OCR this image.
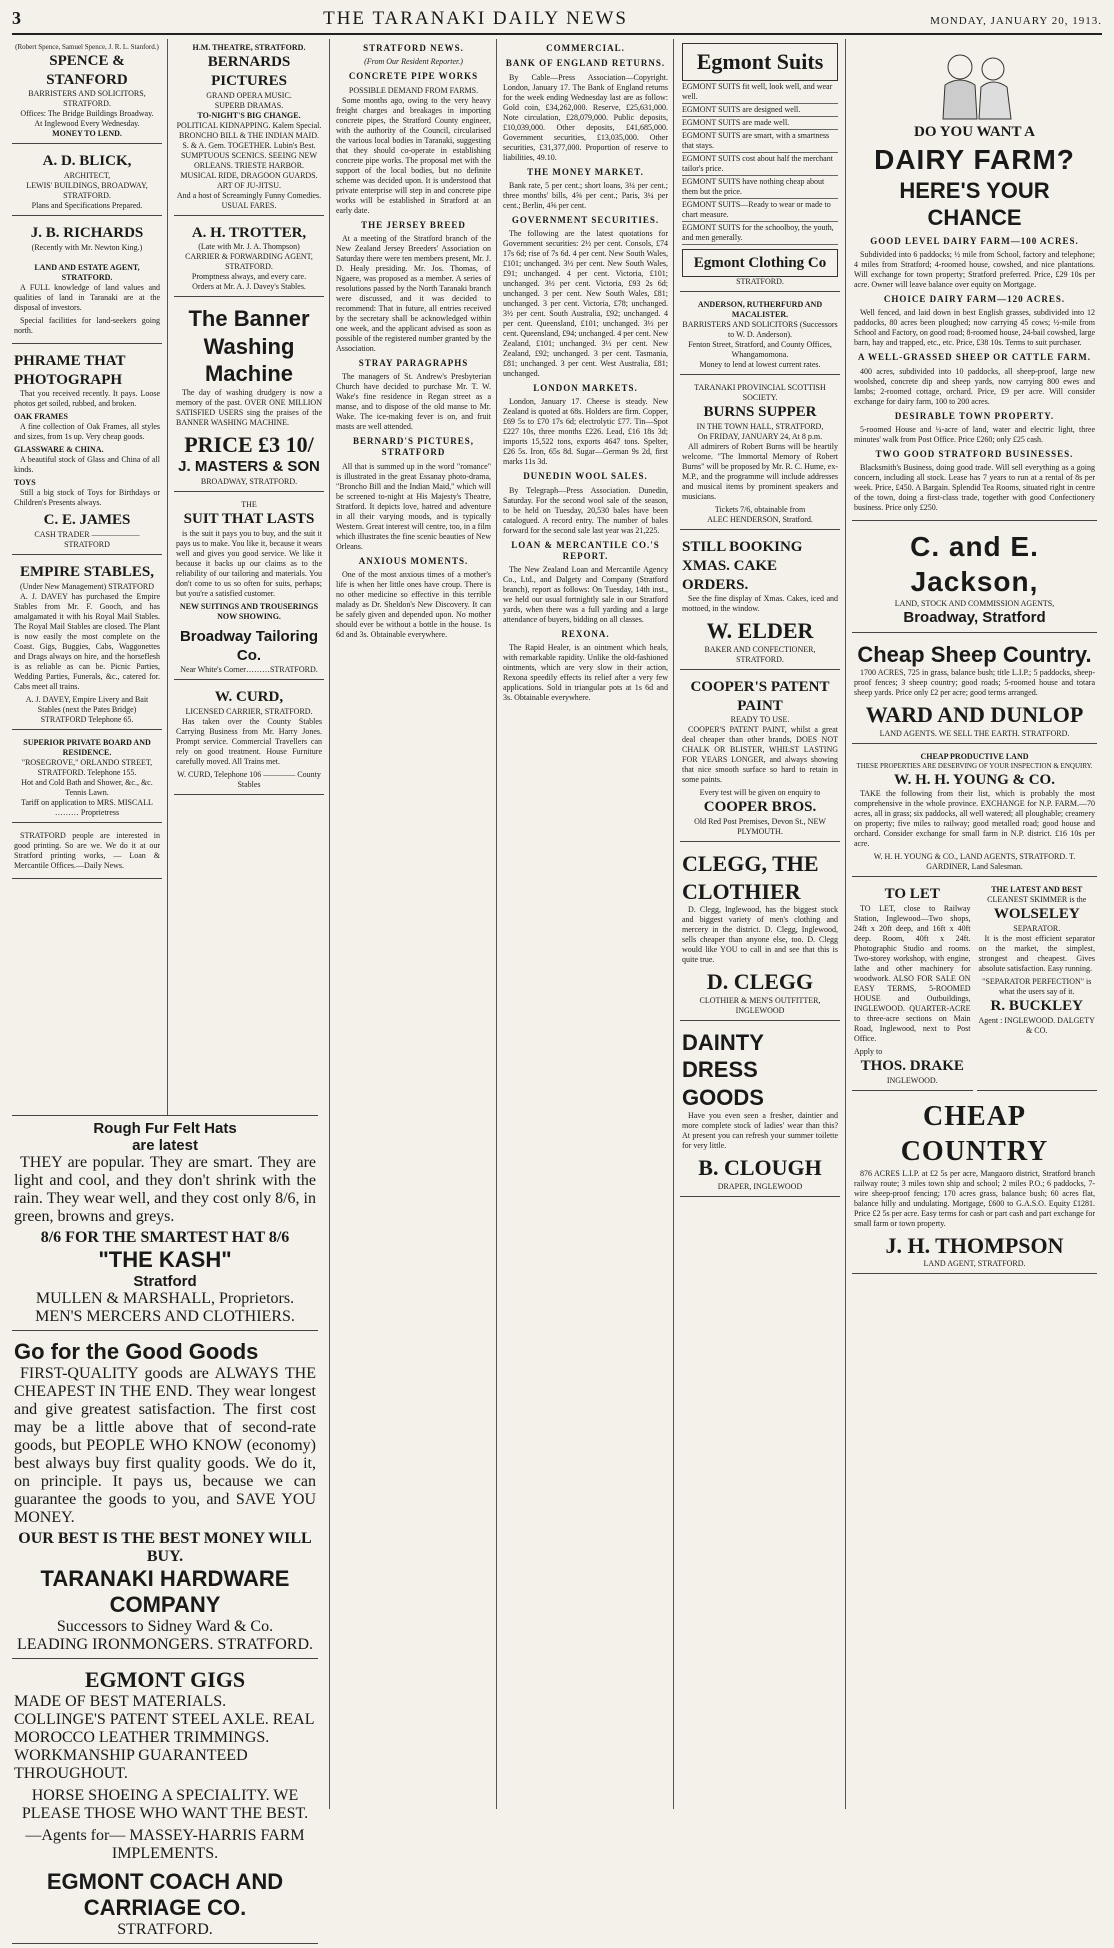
3	THE TARANAKI DAILY NEWS	MONDAY, JANUARY 20, 1913.
(Robert Spence, Samuel Spence, J. R. L. Stanford.)
SPENCE & STANFORD
BARRISTERS AND SOLICITORS, STRATFORD.
Offices: The Bridge Buildings Broadway.
At Inglewood Every Wednesday.
MONEY TO LEND.
A. D. BLICK,
ARCHITECT,
LEWIS' BUILDINGS, BROADWAY, STRATFORD.
Plans and Specifications Prepared.
J. B. RICHARDS
(Recently with Mr. Newton King.)
LAND AND ESTATE AGENT, STRATFORD.

A FULL knowledge of land values and qualities of land in Taranaki are at the disposal of investors.

Special facilities for land-seekers going north.

PHRAME THAT PHOTOGRAPH

That you received recently. It pays. Loose photos get soiled, rubbed, and broken.

OAK FRAMES

A fine collection of Oak Frames, all styles and sizes, from 1s up. Very cheap goods.

GLASSWARE & CHINA.

A beautiful stock of Glass and China of all kinds.

TOYS

Still a big stock of Toys for Birthdays or Children's Presents always.

C. E. JAMES
CASH TRADER —————— STRATFORD
EMPIRE STABLES,
(Under New Management) STRATFORD

A. J. DAVEY has purchased the Empire Stables from Mr. F. Gooch, and has amalgamated it with his Royal Mail Stables. The Royal Mail Stables are closed. The Plant is now easily the most complete on the Coast. Gigs, Buggies, Cabs, Waggonettes and Drags always on hire, and the horseflesh is as reliable as can be. Picnic Parties, Wedding Parties, Funerals, &c., catered for. Cabs meet all trains.

A. J. DAVEY, Empire Livery and Bait Stables (next the Pates Bridge) STRATFORD Telephone 65.
SUPERIOR PRIVATE BOARD AND RESIDENCE.
"ROSEGROVE," ORLANDO STREET, STRATFORD. Telephone 155.
Hot and Cold Bath and Shower, &c., &c. Tennis Lawn.
Tariff on application to MRS. MISCALL ……… Proprietress

STRATFORD people are interested in good printing. So are we. We do it at our Stratford printing works, — Loan & Mercantile Offices.—Daily News.

H.M. THEATRE, STRATFORD.
BERNARDS PICTURES
GRAND OPERA MUSIC.
SUPERB DRAMAS.
TO-NIGHT'S BIG CHANGE.
POLITICAL KIDNAPPING. Kalem Special. BRONCHO BILL & THE INDIAN MAID. S. & A. Gem. TOGETHER. Lubin's Best. SUMPTUOUS SCENICS. SEEING NEW ORLEANS. TRIESTE HARBOR. MUSICAL RIDE, DRAGOON GUARDS. ART OF JU-JITSU.
And a host of Screamingly Funny Comedies.
USUAL FARES.
A. H. TROTTER,
(Late with Mr. J. A. Thompson)
CARRIER & FORWARDING AGENT, STRATFORD.
Promptness always, and every care.
Orders at Mr. A. J. Davey's Stables.
The Banner Washing Machine

The day of washing drudgery is now a memory of the past. OVER ONE MILLION SATISFIED USERS sing the praises of the BANNER WASHING MACHINE.

PRICE £3 10/
J. MASTERS & SON
BROADWAY, STRATFORD.
THE
SUIT THAT LASTS

is the suit it pays you to buy, and the suit it pays us to make. You like it, because it wears well and gives you good service. We like it because it backs up our claims as to the reliability of our tailoring and materials. You don't come to us so often for suits, perhaps; but you're a satisfied customer.

NEW SUITINGS AND TROUSERINGS NOW SHOWING.
Broadway Tailoring Co.
Near White's Corner………STRATFORD.
W. CURD,
LICENSED CARRIER, STRATFORD.

Has taken over the County Stables Carrying Business from Mr. Harry Jones. Prompt service. Commercial Travellers can rely on good treatment. House Furniture carefully moved. All Trains met.

W. CURD, Telephone 106 ———— County Stables
STRATFORD NEWS.
(From Our Resident Reporter.)
CONCRETE PIPE WORKS
POSSIBLE DEMAND FROM FARMS.

Some months ago, owing to the very heavy freight charges and breakages in importing concrete pipes, the Stratford County engineer, with the authority of the Council, circularised the various local bodies in Taranaki, suggesting that they should co-operate in establishing concrete pipe works. The proposal met with the support of the local bodies, but no definite scheme was decided upon. It is understood that private enterprise will step in and concrete pipe works will be established in Stratford at an early date.

THE JERSEY BREED

At a meeting of the Stratford branch of the New Zealand Jersey Breeders' Association on Saturday there were ten members present, Mr. J. D. Healy presiding. Mr. Jos. Thomas, of Ngaere, was proposed as a member. A series of resolutions passed by the North Taranaki branch were discussed, and it was decided to recommend: That in future, all entries received by the secretary shall be acknowledged within one week, and the applicant advised as soon as possible of the registered number granted by the Association.

STRAY PARAGRAPHS

The managers of St. Andrew's Presbyterian Church have decided to purchase Mr. T. W. Wake's fine residence in Regan street as a manse, and to dispose of the old manse to Mr. Wake. The ice-making fever is on, and fruit masts are well attended.

BERNARD'S PICTURES, STRATFORD

All that is summed up in the word "romance" is illustrated in the great Essanay photo-drama, "Broncho Bill and the Indian Maid," which will be screened to-night at His Majesty's Theatre, Stratford. It depicts love, hatred and adventure in all their varying moods, and is typically Western. Great interest will centre, too, in a film which illustrates the fine scenic beauties of New Orleans.

ANXIOUS MOMENTS.

One of the most anxious times of a mother's life is when her little ones have croup. There is no other medicine so effective in this terrible malady as Dr. Sheldon's New Discovery. It can be safely given and depended upon. No mother should ever be without a bottle in the house. 1s 6d and 3s. Obtainable everywhere.

COMMERCIAL.
BANK OF ENGLAND RETURNS.

By Cable—Press Association—Copyright. London, January 17. The Bank of England returns for the week ending Wednesday last are as follow: Gold coin, £34,262,000. Reserve, £25,631,000. Note circulation, £28,079,000. Public deposits, £10,039,000. Other deposits, £41,685,000. Government securities, £13,035,000. Other securities, £31,377,000. Proportion of reserve to liabilities, 49.10.

THE MONEY MARKET.

Bank rate, 5 per cent.; short loans, 3¼ per cent.; three months' bills, 4⅝ per cent.; Paris, 3¼ per cent.; Berlin, 4⅝ per cent.

GOVERNMENT SECURITIES.

The following are the latest quotations for Government securities: 2½ per cent. Consols, £74 17s 6d; rise of 7s 6d. 4 per cent. New South Wales, £101; unchanged. 3½ per cent. New South Wales, £91; unchanged. 4 per cent. Victoria, £101; unchanged. 3½ per cent. Victoria, £93 2s 6d; unchanged. 3 per cent. New South Wales, £81; unchanged. 3 per cent. Victoria, £78; unchanged. 3½ per cent. South Australia, £92; unchanged. 4 per cent. Queensland, £101; unchanged. 3½ per cent. Queensland, £94; unchanged. 4 per cent. New Zealand, £101; unchanged. 3½ per cent. New Zealand, £92; unchanged. 3 per cent. Tasmania, £81; unchanged. 3 per cent. West Australia, £81; unchanged.

LONDON MARKETS.

London, January 17. Cheese is steady. New Zealand is quoted at 68s. Holders are firm. Copper, £69 5s to £70 17s 6d; electrolytic £77. Tin—Spot £227 10s, three months £226. Lead, £16 18s 3d; imports 15,522 tons, exports 4647 tons. Spelter, £26 5s. Iron, 65s 8d. Sugar—German 9s 2d, first marks 11s 3d.

DUNEDIN WOOL SALES.

By Telegraph—Press Association. Dunedin, Saturday. For the second wool sale of the season, to be held on Tuesday, 20,530 bales have been catalogued. A record entry. The number of bales forward for the second sale last year was 21,225.

LOAN & MERCANTILE CO.'S REPORT.

The New Zealand Loan and Mercantile Agency Co., Ltd., and Dalgety and Company (Stratford branch), report as follows: On Tuesday, 14th inst., we held our usual fortnightly sale in our Stratford yards, when there was a full yarding and a large attendance of buyers, bidding on all classes.

REXONA.

The Rapid Healer, is an ointment which heals, with remarkable rapidity. Unlike the old-fashioned ointments, which are very slow in their action, Rexona speedily effects its relief after a very few applications. Sold in triangular pots at 1s 6d and 3s. Obtainable everywhere.

Egmont Suits
EGMONT SUITS fit well, look well, and wear well.
EGMONT SUITS are designed well.
EGMONT SUITS are made well.
EGMONT SUITS are smart, with a smartness that stays.
EGMONT SUITS cost about half the merchant tailor's price.
EGMONT SUITS have nothing cheap about them but the price.
EGMONT SUITS—Ready to wear or made to chart measure.
EGMONT SUITS for the schoolboy, the youth, and men generally.
Egmont Clothing Co
STRATFORD.
ANDERSON, RUTHERFURD AND MACALISTER.
BARRISTERS AND SOLICITORS (Successors to W. D. Anderson).
Fenton Street, Stratford, and County Offices, Whangamomona.
Money to lend at lowest current rates.
TARANAKI PROVINCIAL SCOTTISH SOCIETY.
BURNS SUPPER
IN THE TOWN HALL, STRATFORD,
On FRIDAY, JANUARY 24, At 8 p.m.

All admirers of Robert Burns will be heartily welcome. "The Immortal Memory of Robert Burns" will be proposed by Mr. R. C. Hume, ex-M.P., and the programme will include addresses and musical items by prominent speakers and musicians.

Tickets 7/6, obtainable from
ALEC HENDERSON, Stratford.
STILL BOOKING XMAS. CAKE ORDERS.

See the fine display of Xmas. Cakes, iced and mottoed, in the window.

W. ELDER
BAKER AND CONFECTIONER, STRATFORD.
COOPER'S PATENT PAINT
READY TO USE.

COOPER'S PATENT PAINT, whilst a great deal cheaper than other brands, DOES NOT CHALK OR BLISTER, WHILST LASTING FOR YEARS LONGER, and always showing that nice smooth surface so hard to retain in some paints.

Every test will be given on enquiry to
COOPER BROS.
Old Red Post Premises, Devon St., NEW PLYMOUTH.
CLEGG, THE CLOTHIER

D. Clegg, Inglewood, has the biggest stock and biggest variety of men's clothing and mercery in the district. D. Clegg, Inglewood, sells cheaper than anyone else, too. D. Clegg would like YOU to call in and see that this is quite true.

D. CLEGG
CLOTHIER & MEN'S OUTFITTER, INGLEWOOD
DAINTY DRESS GOODS

Have you even seen a fresher, daintier and more complete stock of ladies' wear than this? At present you can refresh your summer toilette for very little.

B. CLOUGH
DRAPER, INGLEWOOD
DO YOU WANT A
DAIRY FARM?
HERE'S YOUR CHANCE
GOOD LEVEL DAIRY FARM—100 ACRES.

Subdivided into 6 paddocks; ½ mile from School, factory and telephone; 4 miles from Stratford; 4-roomed house, cowshed, and nice plantations. Will exchange for town property; Stratford preferred. Price, £29 10s per acre. Owner will leave balance over equity on Mortgage.

CHOICE DAIRY FARM—120 ACRES.

Well fenced, and laid down in best English grasses, subdivided into 12 paddocks, 80 acres been ploughed; now carrying 45 cows; ½-mile from School and Factory, on good road; 8-roomed house, 24-bail cowshed, large barn, hay and trapped, etc., etc. Price, £38 10s. Terms to suit purchaser.

A WELL-GRASSED SHEEP OR CATTLE FARM.

400 acres, subdivided into 10 paddocks, all sheep-proof, large new woolshed, concrete dip and sheep yards, now carrying 800 ewes and lambs; 2-roomed cottage, orchard. Price, £9 per acre. Will consider exchange for dairy farm, 100 to 200 acres.

DESIRABLE TOWN PROPERTY.

5-roomed House and ¼-acre of land, water and electric light, three minutes' walk from Post Office. Price £260; only £25 cash.

TWO GOOD STRATFORD BUSINESSES.

Blacksmith's Business, doing good trade. Will sell everything as a going concern, including all stock. Lease has 7 years to run at a rental of 8s per week. Price, £450. A Bargain. Splendid Tea Rooms, situated right in centre of the town, doing a first-class trade, together with good Confectionery business. Price only £250.

C. and E. Jackson,
LAND, STOCK AND COMMISSION AGENTS,
Broadway, Stratford
Cheap Sheep Country.

1700 ACRES, 725 in grass, balance bush; title L.I.P.; 5 paddocks, sheep-proof fences; 3 sheep country; good roads; 5-roomed house and totara sheep yards. Price only £2 per acre; good terms arranged.

WARD AND DUNLOP
LAND AGENTS. WE SELL THE EARTH. STRATFORD.
CHEAP PRODUCTIVE LAND
THESE PROPERTIES ARE DESERVING OF YOUR INSPECTION & ENQUIRY.
W. H. H. YOUNG & CO.

TAKE the following from their list, which is probably the most comprehensive in the whole province. EXCHANGE for N.P. FARM.—70 acres, all in grass; six paddocks, all well watered; all ploughable; creamery on property; five miles to railway; good metalled road; good house and orchard. Consider exchange for small farm in N.P. district. £16 10s per acre.

W. H. H. YOUNG & CO., LAND AGENTS, STRATFORD. T. GARDINER, Land Salesman.
TO LET

TO LET, close to Railway Station, Inglewood—Two shops, 24ft x 20ft deep, and 16ft x 40ft deep. Room, 40ft x 24ft. Photographic Studio and rooms. Two-storey workshop, with engine, lathe and other machinery for woodwork. ALSO FOR SALE ON EASY TERMS, 5-ROOMED HOUSE and Outbuildings, INGLEWOOD. QUARTER-ACRE to three-acre sections on Main Road, Inglewood, next to Post Office.

Apply to
THOS. DRAKE
INGLEWOOD.
THE LATEST AND BEST
CLEANEST SKIMMER is the
WOLSELEY
SEPARATOR.

It is the most efficient separator on the market, the simplest, strongest and cheapest. Gives absolute satisfaction. Easy running.

"SEPARATOR PERFECTION" is what the users say of it.
R. BUCKLEY
Agent : INGLEWOOD. DALGETY & CO.
CHEAP COUNTRY

876 ACRES L.I.P. at £2 5s per acre, Mangaoro district, Stratford branch railway route; 3 miles town ship and school; 2 miles P.O.; 6 paddocks, 7-wire sheep-proof fencing; 170 acres grass, balance bush; 60 acres flat, balance hilly and undulating. Mortgage, £600 to G.A.S.O. Equity £1281. Price £2 5s per acre. Easy terms for cash or part cash and part exchange for small farm or town property.

J. H. THOMPSON
LAND AGENT, STRATFORD.
Rough Fur Felt Hats
are latest

THEY are popular. They are smart. They are light and cool, and they don't shrink with the rain. They wear well, and they cost only 8/6, in green, browns and greys.

8/6 FOR THE SMARTEST HAT 8/6
"THE KASH"
Stratford
MULLEN & MARSHALL, Proprietors. MEN'S MERCERS AND CLOTHIERS.
Go for the Good Goods

FIRST-QUALITY goods are ALWAYS THE CHEAPEST IN THE END. They wear longest and give greatest satisfaction. The first cost may be a little above that of second-rate goods, but PEOPLE WHO KNOW (economy) best always buy first quality goods. We do it, on principle. It pays us, because we can guarantee the goods to you, and SAVE YOU MONEY.

OUR BEST IS THE BEST MONEY WILL BUY.
TARANAKI HARDWARE COMPANY
Successors to Sidney Ward & Co.
LEADING IRONMONGERS. STRATFORD.
EGMONT GIGS
MADE OF BEST MATERIALS. COLLINGE'S PATENT STEEL AXLE. REAL MOROCCO LEATHER TRIMMINGS. WORKMANSHIP GUARANTEED THROUGHOUT.
HORSE SHOEING A SPECIALITY. WE PLEASE THOSE WHO WANT THE BEST.
—Agents for— MASSEY-HARRIS FARM IMPLEMENTS.
EGMONT COACH AND CARRIAGE CO.
STRATFORD.
